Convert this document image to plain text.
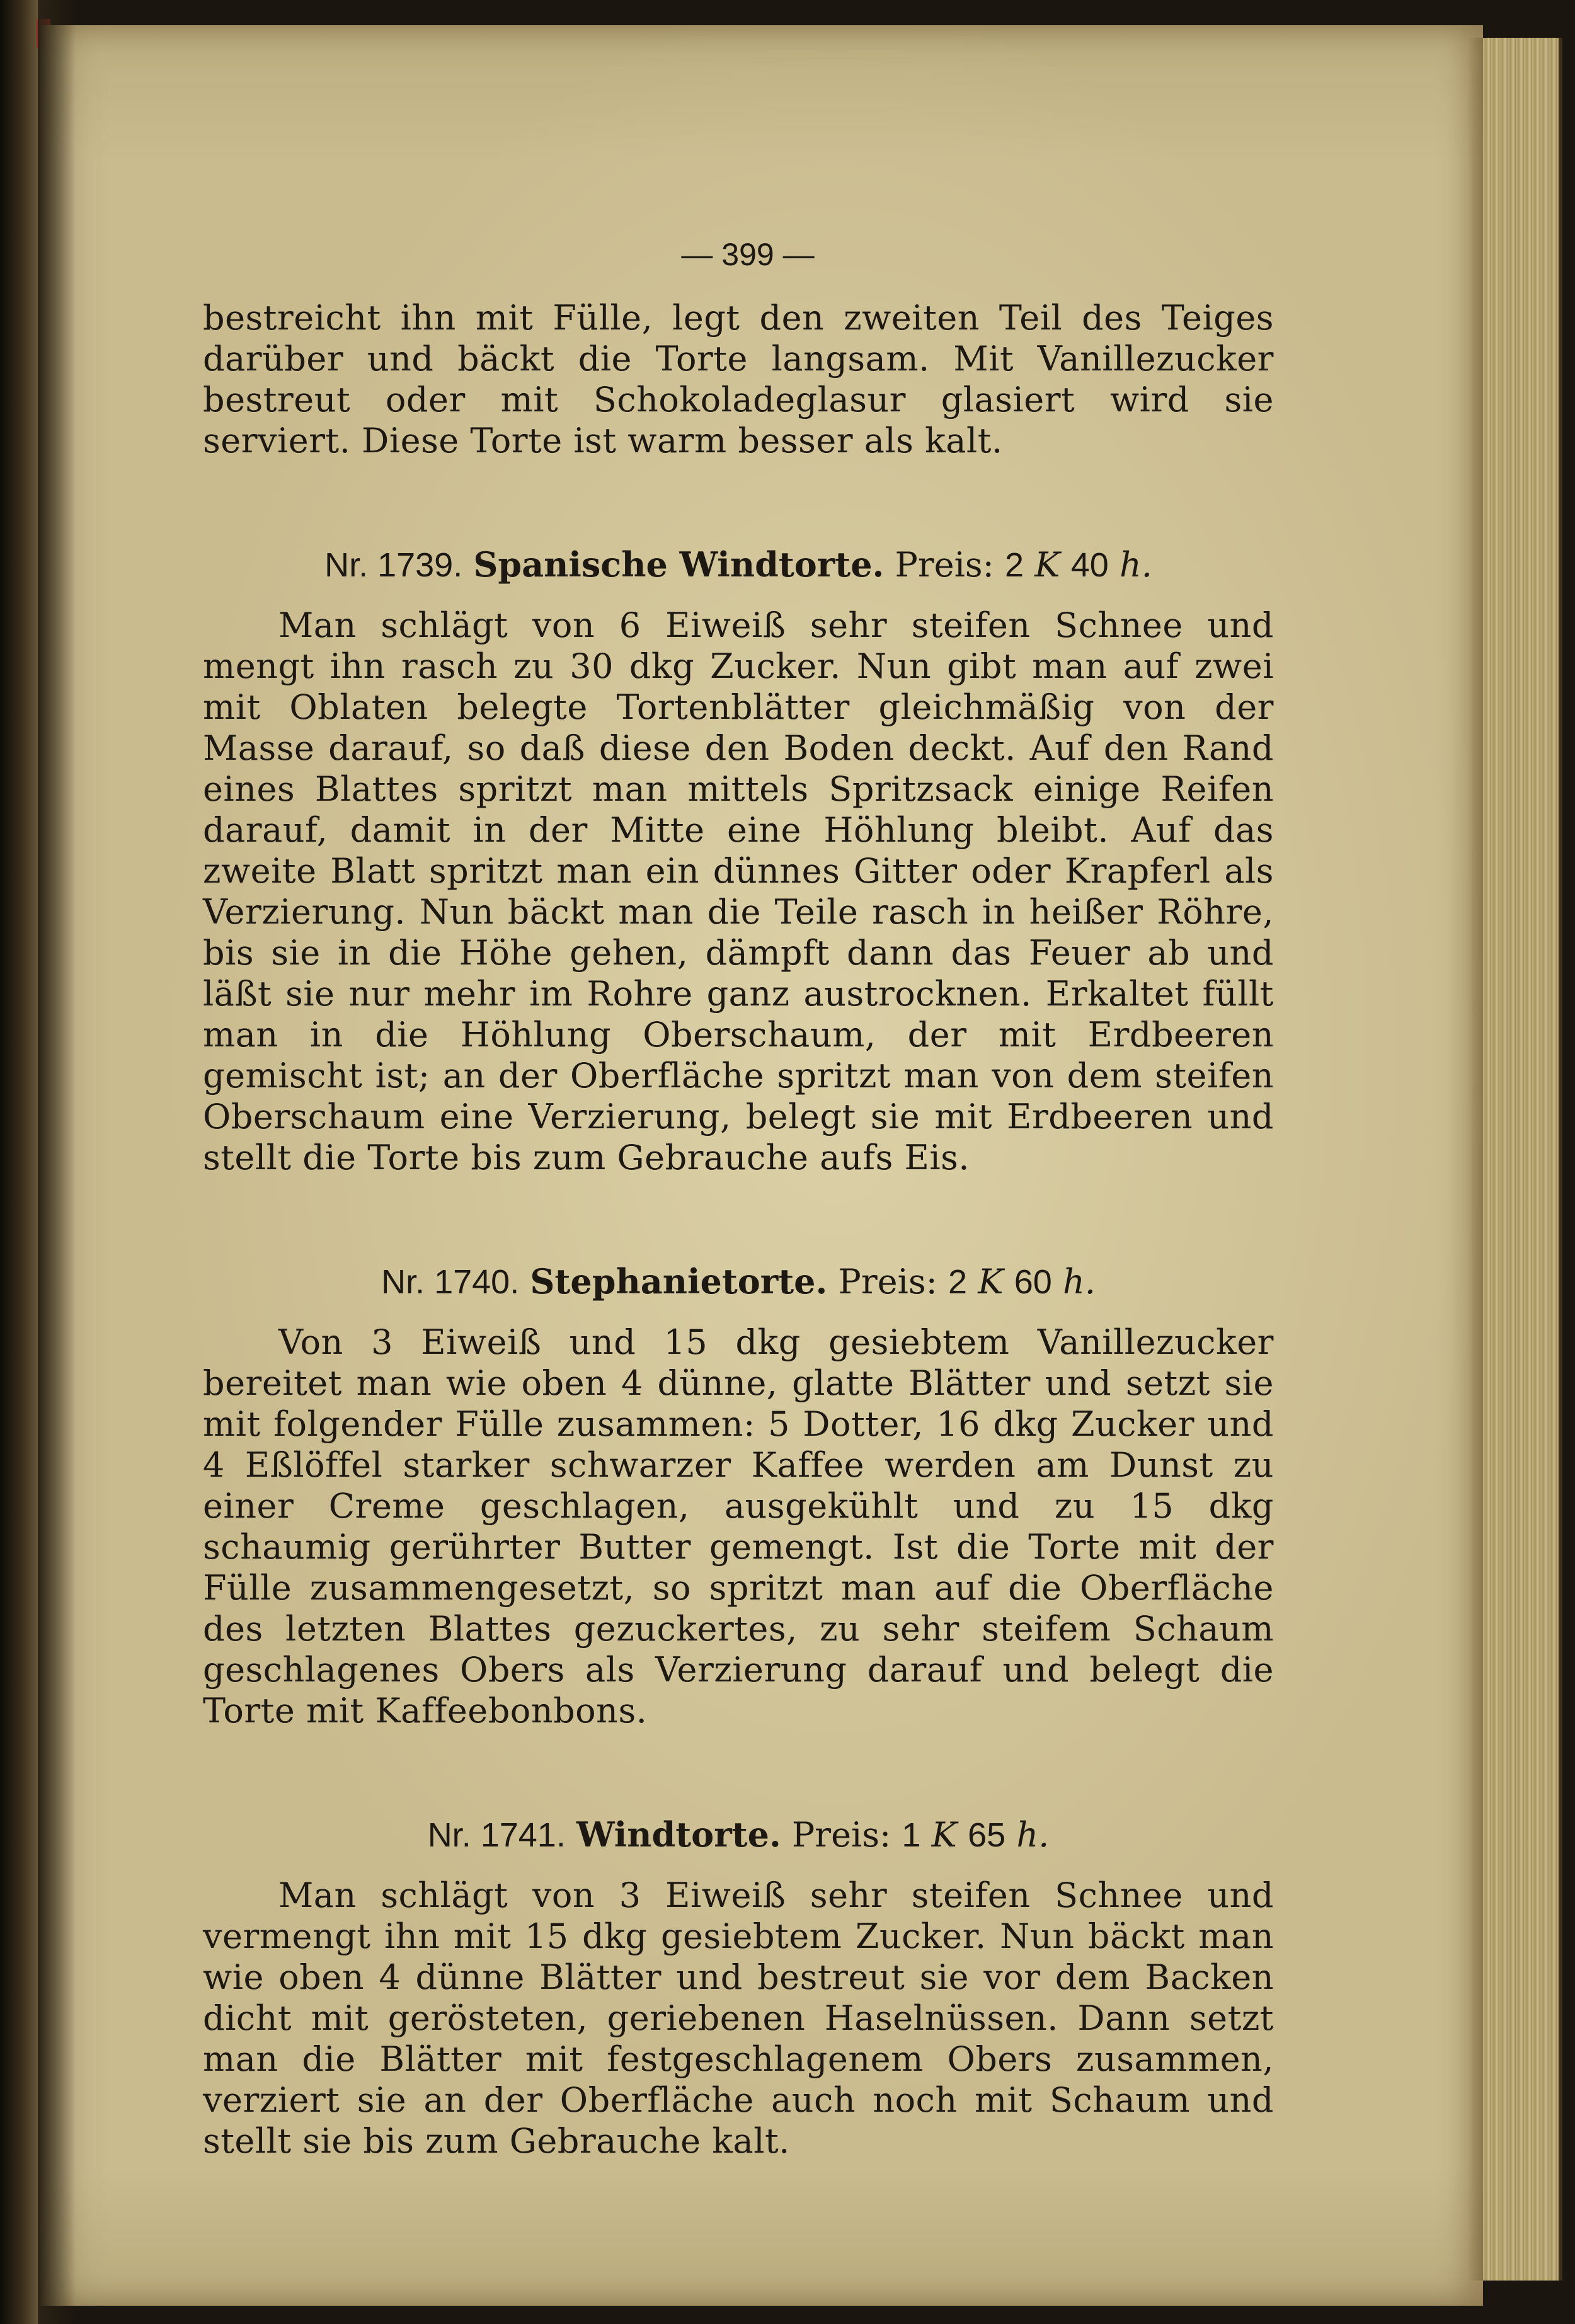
— 399 —

bestreicht ihn mit Fülle, legt den zweiten Teil des Teiges darüber und bäckt die Torte langsam. Mit Vanillezucker bestreut oder mit Schokoladeglasur glasiert wird sie serviert. Diese Torte ist warm besser als kalt.

Nr. 1739. Spanische Windtorte. Preis: 2 K 40 h.

Man schlägt von 6 Eiweiß sehr steifen Schnee und mengt ihn rasch zu 30 dkg Zucker. Nun gibt man auf zwei mit Oblaten belegte Tortenblätter gleichmäßig von der Masse darauf, so daß diese den Boden deckt. Auf den Rand eines Blattes spritzt man mittels Spritzsack einige Reifen darauf, damit in der Mitte eine Höhlung bleibt. Auf das zweite Blatt spritzt man ein dünnes Gitter oder Krapferl als Verzierung. Nun bäckt man die Teile rasch in heißer Röhre, bis sie in die Höhe gehen, dämpft dann das Feuer ab und läßt sie nur mehr im Rohre ganz austrocknen. Erkaltet füllt man in die Höhlung Oberschaum, der mit Erdbeeren gemischt ist; an der Oberfläche spritzt man von dem steifen Oberschaum eine Verzierung, belegt sie mit Erdbeeren und stellt die Torte bis zum Gebrauche aufs Eis.

Nr. 1740. Stephanietorte. Preis: 2 K 60 h.

Von 3 Eiweiß und 15 dkg gesiebtem Vanillezucker bereitet man wie oben 4 dünne, glatte Blätter und setzt sie mit folgender Fülle zusammen: 5 Dotter, 16 dkg Zucker und 4 Eßlöffel starker schwarzer Kaffee werden am Dunst zu einer Creme geschlagen, ausgekühlt und zu 15 dkg schaumig gerührter Butter gemengt. Ist die Torte mit der Fülle zusammengesetzt, so spritzt man auf die Oberfläche des letzten Blattes gezuckertes, zu sehr steifem Schaum geschlagenes Obers als Verzierung darauf und belegt die Torte mit Kaffeebonbons.

Nr. 1741. Windtorte. Preis: 1 K 65 h.

Man schlägt von 3 Eiweiß sehr steifen Schnee und vermengt ihn mit 15 dkg gesiebtem Zucker. Nun bäckt man wie oben 4 dünne Blätter und bestreut sie vor dem Backen dicht mit gerösteten, geriebenen Haselnüssen. Dann setzt man die Blätter mit festgeschlagenem Obers zusammen, verziert sie an der Oberfläche auch noch mit Schaum und stellt sie bis zum Gebrauche kalt.
